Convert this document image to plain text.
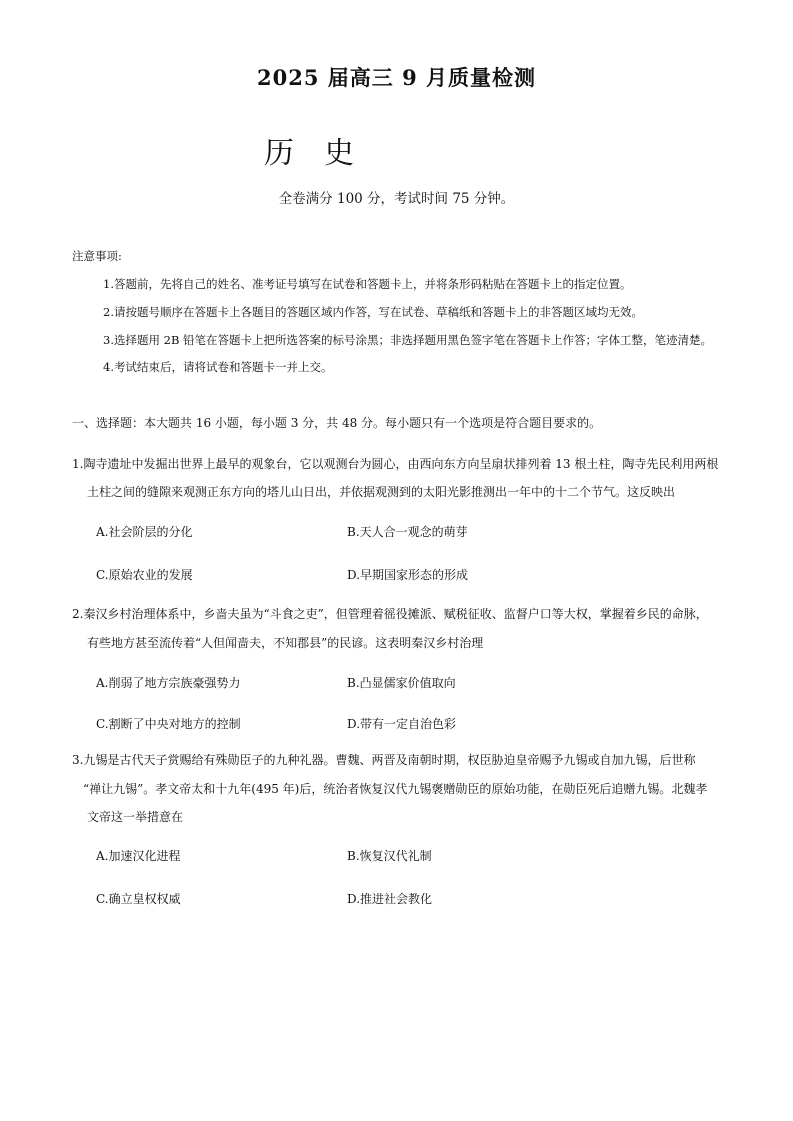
2025 届高三 9 月质量检测
历史
全卷满分 100 分，考试时间 75 分钟。
注意事项:
1.答题前，先将自己的姓名、准考证号填写在试卷和答题卡上，并将条形码粘贴在答题卡上的指定位置。
2.请按题号顺序在答题卡上各题目的答题区域内作答，写在试卷、草稿纸和答题卡上的非答题区域均无效。
3.选择题用 2B 铅笔在答题卡上把所选答案的标号涂黑；非选择题用黑色签字笔在答题卡上作答；字体工整，笔迹清楚。
4.考试结束后，请将试卷和答题卡一并上交。
一、选择题：本大题共 16 小题，每小题 3 分，共 48 分。每小题只有一个选项是符合题目要求的。
1.陶寺遗址中发掘出世界上最早的观象台，它以观测台为圆心，由西向东方向呈扇状排列着 13 根土柱，陶寺先民利用两根
土柱之间的缝隙来观测正东方向的塔儿山日出，并依据观测到的太阳光影推测出一年中的十二个节气。这反映出
A.社会阶层的分化	B.天人合一观念的萌芽
C.原始农业的发展	D.早期国家形态的形成
2.秦汉乡村治理体系中，乡啬夫虽为“斗食之吏”，但管理着徭役摊派、赋税征收、监督户口等大权，掌握着乡民的命脉，
有些地方甚至流传着“人但闻啬夫，不知郡县”的民谚。这表明秦汉乡村治理
A.削弱了地方宗族豪强势力	B.凸显儒家价值取向
C.割断了中央对地方的控制	D.带有一定自治色彩
3.九锡是古代天子赏赐给有殊勋臣子的九种礼器。曹魏、两晋及南朝时期，权臣胁迫皇帝赐予九锡或自加九锡，后世称
“禅让九锡”。孝文帝太和十九年(495 年)后，统治者恢复汉代九锡褒赠勋臣的原始功能，在勋臣死后追赠九锡。北魏孝
文帝这一举措意在
A.加速汉化进程	B.恢复汉代礼制
C.确立皇权权威	D.推进社会教化
